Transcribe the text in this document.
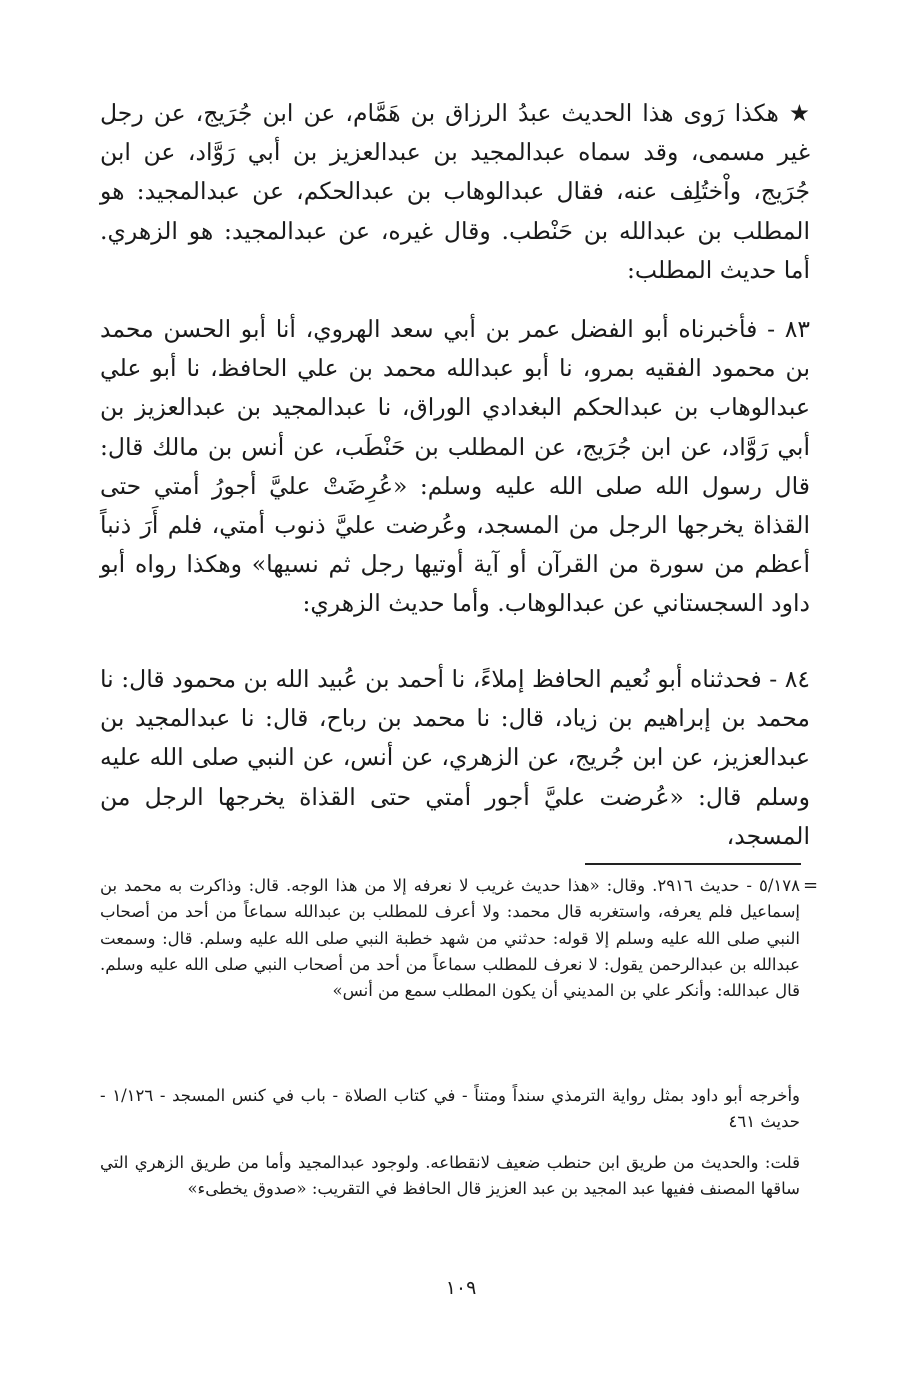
★ هكذا رَوى هذا الحديث عبدُ الرزاق بن هَمَّام، عن ابن جُرَيج، عن رجل غير مسمى، وقد سماه عبدالمجيد بن عبدالعزيز بن أبي رَوَّاد، عن ابن جُرَيج، واْختُلِف عنه، فقال عبدالوهاب بن عبدالحكم، عن عبدالمجيد: هو المطلب بن عبدالله بن حَنْطب. وقال غيره، عن عبدالمجيد: هو الزهري. أما حديث المطلب:

٨٣ - فأخبرناه أبو الفضل عمر بن أبي سعد الهروي، أنا أبو الحسن محمد بن محمود الفقيه بمرو، نا أبو عبدالله محمد بن علي الحافظ، نا أبو علي عبدالوهاب بن عبدالحكم البغدادي الوراق، نا عبدالمجيد بن عبدالعزيز بن أبي رَوَّاد، عن ابن جُرَيج، عن المطلب بن حَنْطَب، عن أنس بن مالك قال: قال رسول الله صلى الله عليه وسلم: «عُرِضَتْ عليَّ أجورُ أمتي حتى القذاة يخرجها الرجل من المسجد، وعُرضت عليَّ ذنوب أمتي، فلم أَرَ ذنباً أعظم من سورة من القرآن أو آية أوتيها رجل ثم نسيها» وهكذا رواه أبو داود السجستاني عن عبدالوهاب. وأما حديث الزهري:

٨٤ - فحدثناه أبو نُعيم الحافظ إملاءً، نا أحمد بن عُبيد الله بن محمود قال: نا محمد بن إبراهيم بن زياد، قال: نا محمد بن رباح، قال: نا عبدالمجيد بن عبدالعزيز، عن ابن جُريج، عن الزهري، عن أنس، عن النبي صلى الله عليه وسلم قال: «عُرضت عليَّ أجور أمتي حتى القذاة يخرجها الرجل من المسجد،

=

٥/١٧٨ - حديث ٢٩١٦. وقال: «هذا حديث غريب لا نعرفه إلا من هذا الوجه. قال: وذاكرت به محمد بن إسماعيل فلم يعرفه، واستغربه قال محمد: ولا أعرف للمطلب بن عبدالله سماعاً من أحد من أصحاب النبي صلى الله عليه وسلم إلا قوله: حدثني من شهد خطبة النبي صلى الله عليه وسلم. قال: وسمعت عبدالله بن عبدالرحمن يقول: لا نعرف للمطلب سماعاً من أحد من أصحاب النبي صلى الله عليه وسلم. قال عبدالله: وأنكر علي بن المديني أن يكون المطلب سمع من أنس»

وأخرجه أبو داود بمثل رواية الترمذي سنداً ومتناً - في كتاب الصلاة - باب في كنس المسجد - ١/١٢٦ - حديث ٤٦١

قلت: والحديث من طريق ابن حنطب ضعيف لانقطاعه. ولوجود عبدالمجيد وأما من طريق الزهري التي ساقها المصنف ففيها عبد المجيد بن عبد العزيز قال الحافظ في التقريب: «صدوق يخطىء»

١٠٩
